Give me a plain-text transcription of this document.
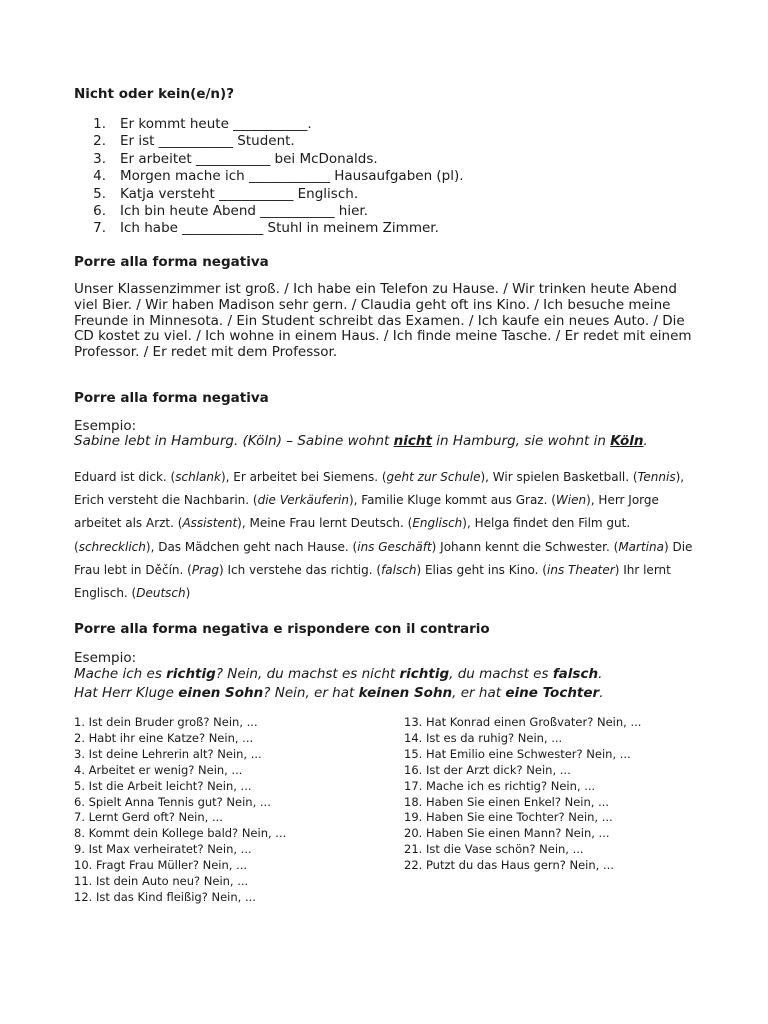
Nicht oder kein(e/n)?
1.	Er kommt heute ___________.
2.	Er ist ___________ Student.
3.	Er arbeitet ___________ bei McDonalds.
4.	Morgen mache ich ____________ Hausaufgaben (pl).
5.	Katja versteht ___________ Englisch.
6.	Ich bin heute Abend ___________ hier.
7.	Ich habe ____________ Stuhl in meinem Zimmer.
Porre alla forma negativa

Unser Klassenzimmer ist groß. / Ich habe ein Telefon zu Hause. / Wir trinken heute Abend viel Bier. / Wir haben Madison sehr gern. / Claudia geht oft ins Kino. / Ich besuche meine Freunde in Minnesota. / Ein Student schreibt das Examen. / Ich kaufe ein neues Auto. / Die CD kostet zu viel. / Ich wohne in einem Haus. / Ich finde meine Tasche. / Er redet mit einem Professor. / Er redet mit dem Professor.

Porre alla forma negativa

Esempio:

Sabine lebt in Hamburg. (Köln) – Sabine wohnt nicht in Hamburg, sie wohnt in Köln.

Eduard ist dick. (schlank), Er arbeitet bei Siemens. (geht zur Schule), Wir spielen Basketball. (Tennis), Erich versteht die Nachbarin. (die Verkäuferin), Familie Kluge kommt aus Graz. (Wien), Herr Jorge arbeitet als Arzt. (Assistent), Meine Frau lernt Deutsch. (Englisch), Helga findet den Film gut. (schrecklich), Das Mädchen geht nach Hause. (ins Geschäft) Johann kennt die Schwester. (Martina) Die Frau lebt in Děčín. (Prag) Ich verstehe das richtig. (falsch) Elias geht ins Kino. (ins Theater) Ihr lernt Englisch. (Deutsch)

Porre alla forma negativa e rispondere con il contrario

Esempio:

Mache ich es richtig? Nein, du machst es nicht richtig, du machst es falsch.

Hat Herr Kluge einen Sohn? Nein, er hat keinen Sohn, er hat eine Tochter.

1. Ist dein Bruder groß? Nein, ...
2. Habt ihr eine Katze? Nein, ...
3. Ist deine Lehrerin alt? Nein, ...
4. Arbeitet er wenig? Nein, ...
5. Ist die Arbeit leicht? Nein, ...
6. Spielt Anna Tennis gut? Nein, ...
7. Lernt Gerd oft? Nein, ...
8. Kommt dein Kollege bald? Nein, ...
9. Ist Max verheiratet? Nein, ...
10. Fragt Frau Müller? Nein, ...
11. Ist dein Auto neu? Nein, ...
12. Ist das Kind fleißig? Nein, ...
13. Hat Konrad einen Großvater? Nein, ...
14. Ist es da ruhig? Nein, ...
15. Hat Emilio eine Schwester? Nein, ...
16. Ist der Arzt dick? Nein, ...
17. Mache ich es richtig? Nein, ...
18. Haben Sie einen Enkel? Nein, ...
19. Haben Sie eine Tochter? Nein, ...
20. Haben Sie einen Mann? Nein, ...
21. Ist die Vase schön? Nein, ...
22. Putzt du das Haus gern? Nein, ...
